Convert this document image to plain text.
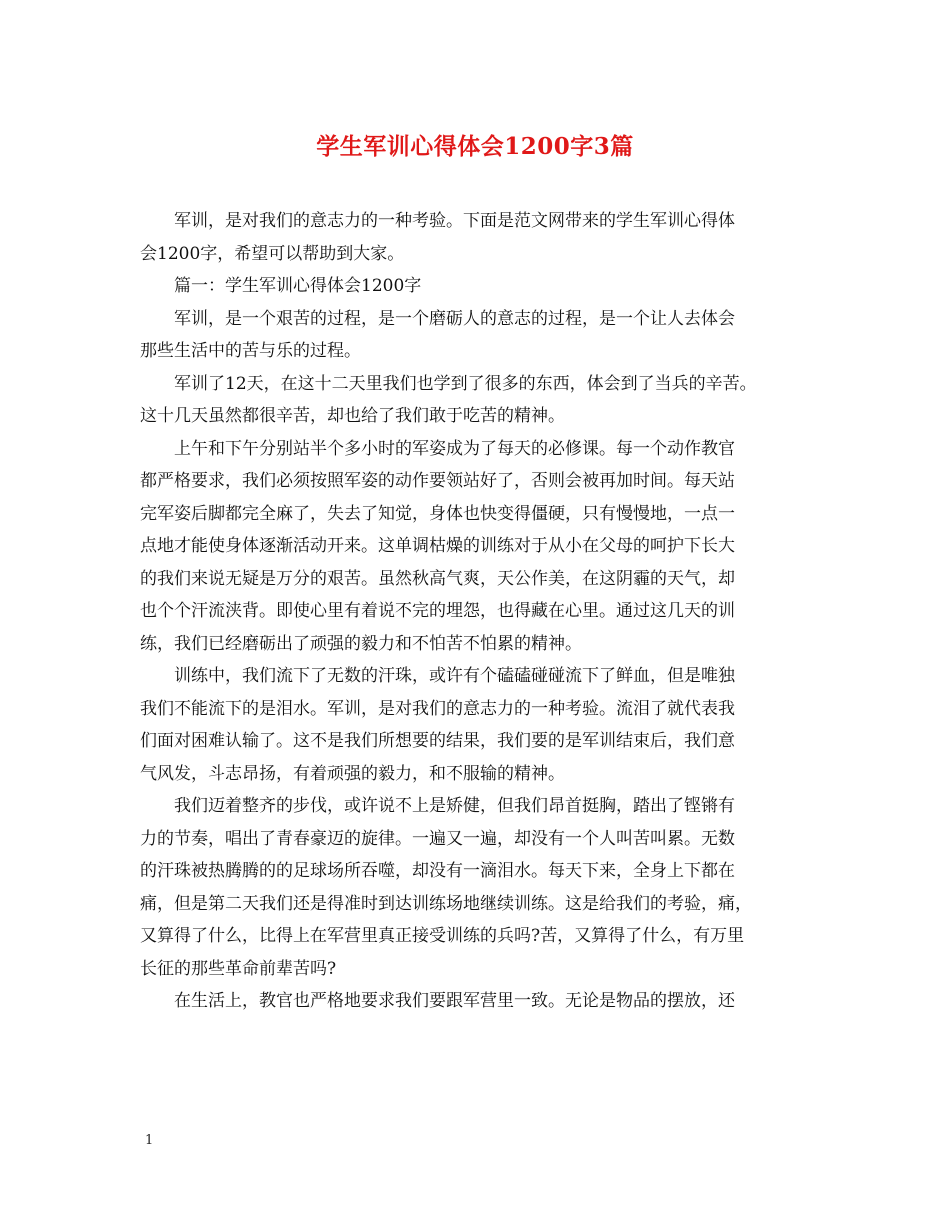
学生军训心得体会1200字3篇

军训，是对我们的意志力的一种考验。下面是范文网带来的学生军训心得体
会1200字，希望可以帮助到大家。

篇一：学生军训心得体会1200字

军训，是一个艰苦的过程，是一个磨砺人的意志的过程，是一个让人去体会
那些生活中的苦与乐的过程。

军训了12天，在这十二天里我们也学到了很多的东西，体会到了当兵的辛苦。
这十几天虽然都很辛苦，却也给了我们敢于吃苦的精神。

上午和下午分别站半个多小时的军姿成为了每天的必修课。每一个动作教官
都严格要求，我们必须按照军姿的动作要领站好了，否则会被再加时间。每天站
完军姿后脚都完全麻了，失去了知觉，身体也快变得僵硬，只有慢慢地，一点一
点地才能使身体逐渐活动开来。这单调枯燥的训练对于从小在父母的呵护下长大
的我们来说无疑是万分的艰苦。虽然秋高气爽，天公作美，在这阴霾的天气，却
也个个汗流浃背。即使心里有着说不完的埋怨，也得藏在心里。通过这几天的训
练，我们已经磨砺出了顽强的毅力和不怕苦不怕累的精神。

训练中，我们流下了无数的汗珠，或许有个磕磕碰碰流下了鲜血，但是唯独
我们不能流下的是泪水。军训，是对我们的意志力的一种考验。流泪了就代表我
们面对困难认输了。这不是我们所想要的结果，我们要的是军训结束后，我们意
气风发，斗志昂扬，有着顽强的毅力，和不服输的精神。

我们迈着整齐的步伐，或许说不上是矫健，但我们昂首挺胸，踏出了铿锵有
力的节奏，唱出了青春豪迈的旋律。一遍又一遍，却没有一个人叫苦叫累。无数
的汗珠被热腾腾的的足球场所吞噬，却没有一滴泪水。每天下来，全身上下都在
痛，但是第二天我们还是得准时到达训练场地继续训练。这是给我们的考验，痛，
又算得了什么，比得上在军营里真正接受训练的兵吗?苦，又算得了什么，有万里
长征的那些革命前辈苦吗?

在生活上，教官也严格地要求我们要跟军营里一致。无论是物品的摆放，还

1
